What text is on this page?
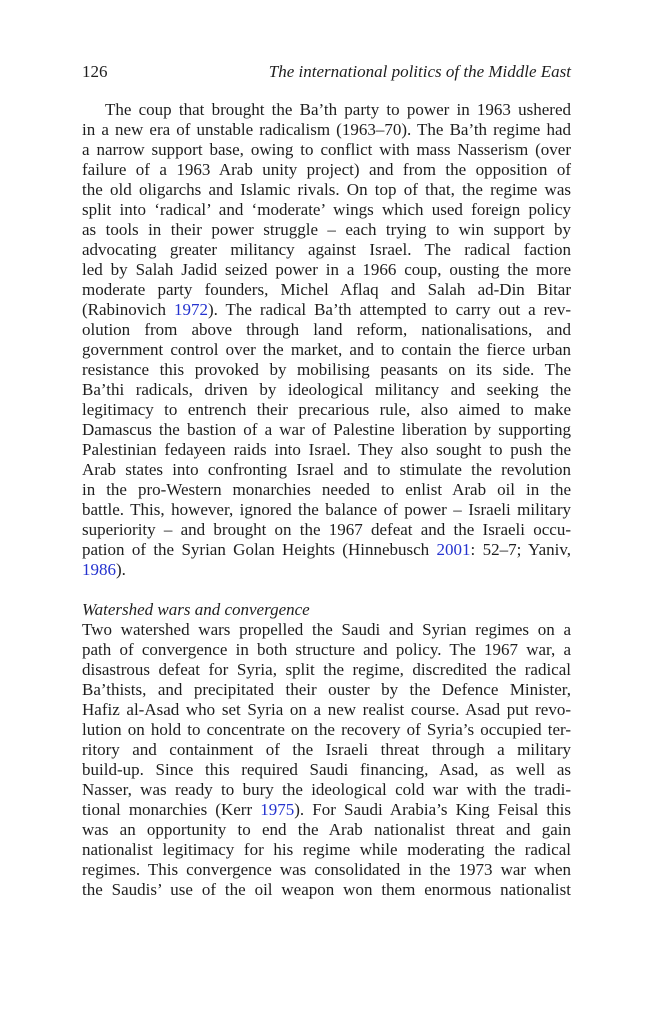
126	The international politics of the Middle East
The coup that brought the Ba’th party to power in 1963 ushered
in a new era of unstable radicalism (1963–70). The Ba’th regime had
a narrow support base, owing to conflict with mass Nasserism (over
failure of a 1963 Arab unity project) and from the opposition of
the old oligarchs and Islamic rivals. On top of that, the regime was
split into ‘radical’ and ‘moderate’ wings which used foreign policy
as tools in their power struggle – each trying to win support by
advocating greater militancy against Israel. The radical faction
led by Salah Jadid seized power in a 1966 coup, ousting the more
moderate party founders, Michel Aflaq and Salah ad-Din Bitar
(Rabinovich 1972). The radical Ba’th attempted to carry out a rev-
olution from above through land reform, nationalisations, and
government control over the market, and to contain the fierce urban
resistance this provoked by mobilising peasants on its side. The
Ba’thi radicals, driven by ideological militancy and seeking the
legitimacy to entrench their precarious rule, also aimed to make
Damascus the bastion of a war of Palestine liberation by supporting
Palestinian fedayeen raids into Israel. They also sought to push the
Arab states into confronting Israel and to stimulate the revolution
in the pro-Western monarchies needed to enlist Arab oil in the
battle. This, however, ignored the balance of power – Israeli military
superiority – and brought on the 1967 defeat and the Israeli occu-
pation of the Syrian Golan Heights (Hinnebusch 2001: 52–7; Yaniv,
1986).
Watershed wars and convergence
Two watershed wars propelled the Saudi and Syrian regimes on a
path of convergence in both structure and policy. The 1967 war, a
disastrous defeat for Syria, split the regime, discredited the radical
Ba’thists, and precipitated their ouster by the Defence Minister,
Hafiz al-Asad who set Syria on a new realist course. Asad put revo-
lution on hold to concentrate on the recovery of Syria’s occupied ter-
ritory and containment of the Israeli threat through a military
build-up. Since this required Saudi financing, Asad, as well as
Nasser, was ready to bury the ideological cold war with the tradi-
tional monarchies (Kerr 1975). For Saudi Arabia’s King Feisal this
was an opportunity to end the Arab nationalist threat and gain
nationalist legitimacy for his regime while moderating the radical
regimes. This convergence was consolidated in the 1973 war when
the Saudis’ use of the oil weapon won them enormous nationalist
